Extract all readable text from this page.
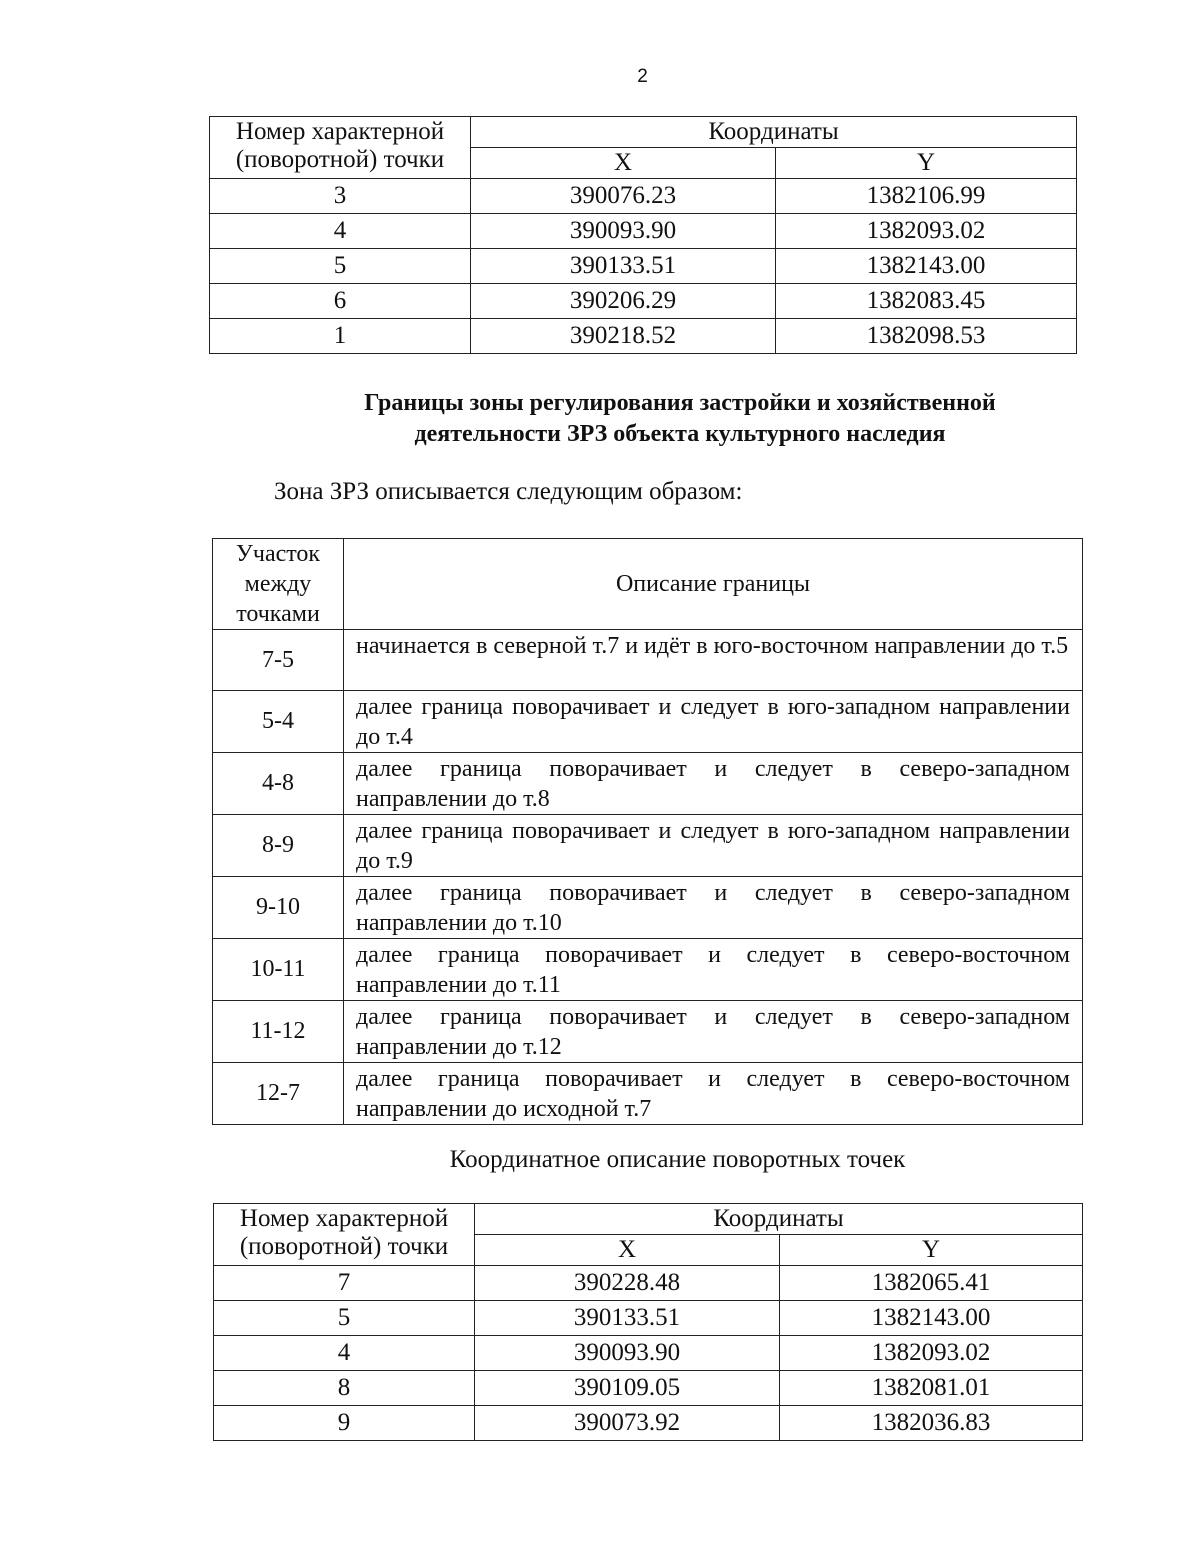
2
Номер характерной
(поворотной) точки	Координаты	
	X	Y
3	390076.23	1382106.99
4	390093.90	1382093.02
5	390133.51	1382143.00
6	390206.29	1382083.45
1	390218.52	1382098.53
Границы зоны регулирования застройки и хозяйственной
деятельности ЗРЗ объекта культурного наследия
Зона ЗРЗ описывается следующим образом:
Участок
между
точками	Описание границы
7-5	начинается в северной т.7 и идёт в юго-восточном направлении до т.5
5-4	далее граница поворачивает и следует в юго-западном направлении до т.4
4-8	далее граница поворачивает и следует в северо-западном направлении до т.8
8-9	далее граница поворачивает и следует в юго-западном направлении до т.9
9-10	далее граница поворачивает и следует в северо-западном направлении до т.10
10-11	далее граница поворачивает и следует в северо-восточном направлении до т.11
11-12	далее граница поворачивает и следует в северо-западном направлении до т.12
12-7	далее граница поворачивает и следует в северо-восточном направлении до исходной т.7
Координатное описание поворотных точек
Номер характерной
(поворотной) точки	Координаты	
	X	Y
7	390228.48	1382065.41
5	390133.51	1382143.00
4	390093.90	1382093.02
8	390109.05	1382081.01
9	390073.92	1382036.83
